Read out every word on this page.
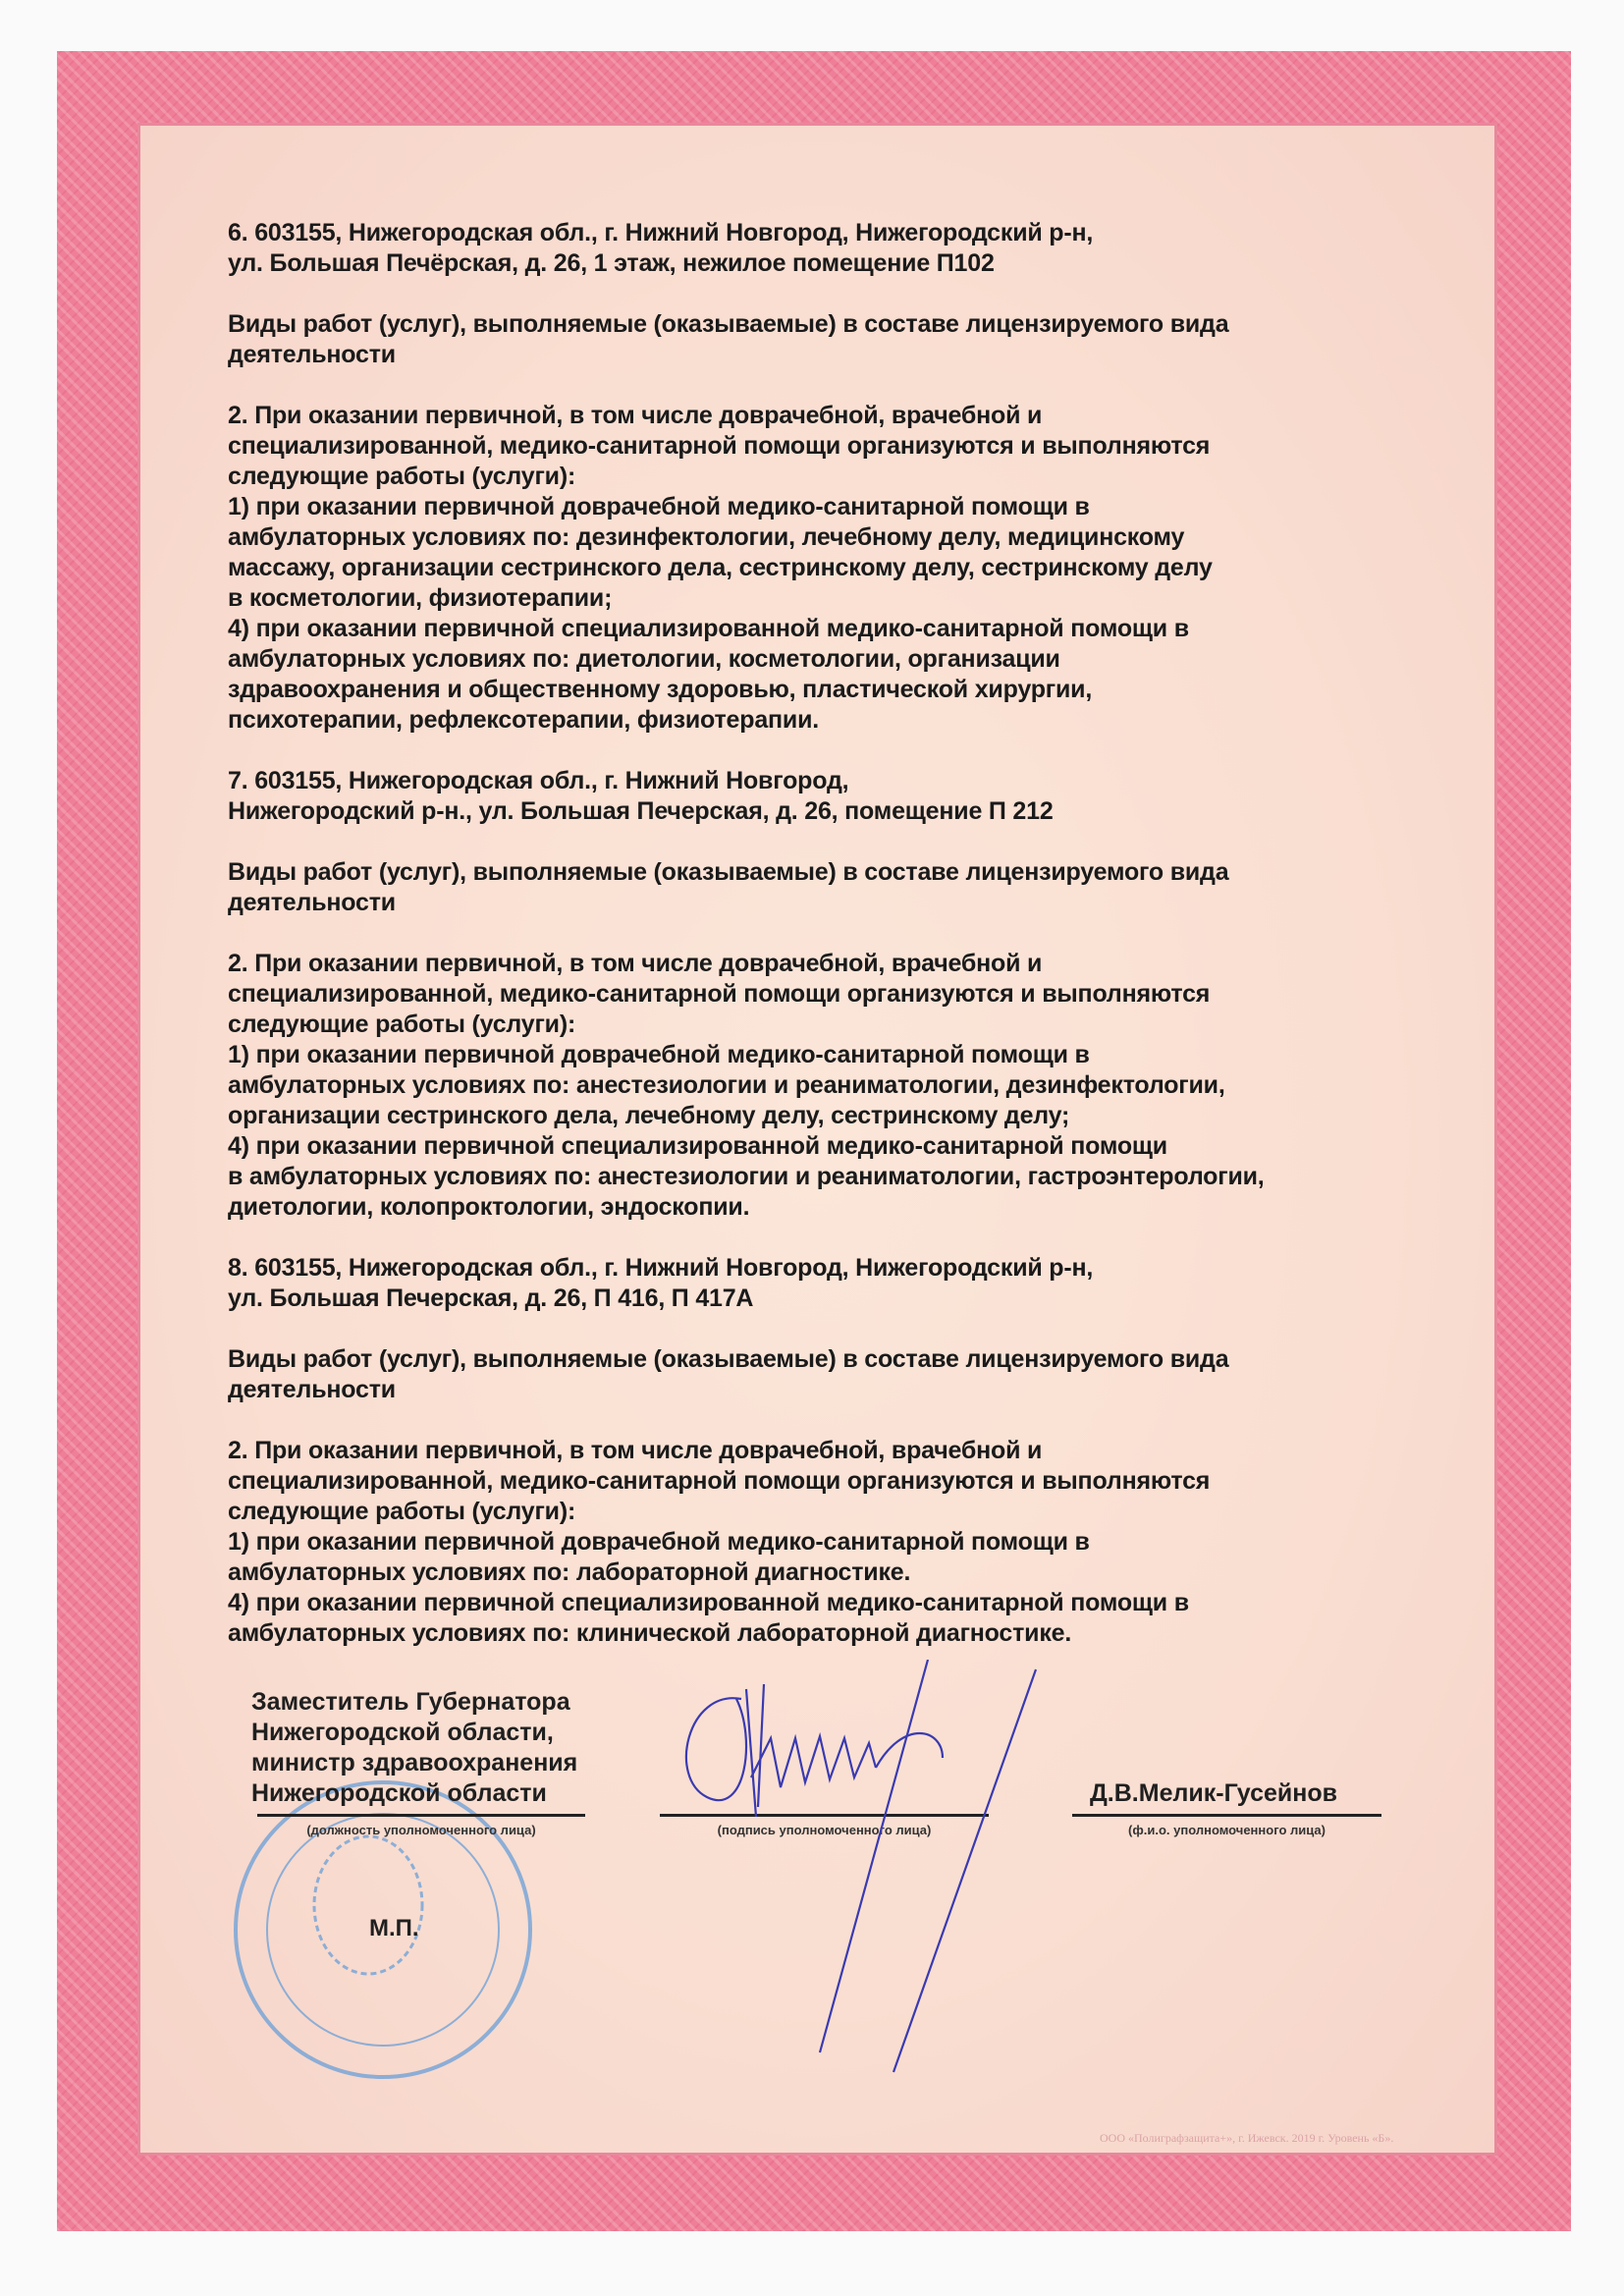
6. 603155, Нижегородская обл., г. Нижний Новгород, Нижегородский р-н,
ул. Большая Печёрская, д. 26, 1 этаж, нежилое помещение П102
Виды работ (услуг), выполняемые (оказываемые) в составе лицензируемого вида
деятельности
2. При оказании первичной, в том числе доврачебной, врачебной и
специализированной, медико-санитарной помощи организуются и выполняются
следующие работы (услуги):
1) при оказании первичной доврачебной медико-санитарной помощи в
амбулаторных условиях по: дезинфектологии, лечебному делу, медицинскому
массажу, организации сестринского дела, сестринскому делу, сестринскому делу
в косметологии, физиотерапии;
4) при оказании первичной специализированной медико-санитарной помощи в
амбулаторных условиях по: диетологии, косметологии, организации
здравоохранения и общественному здоровью, пластической хирургии,
психотерапии, рефлексотерапии, физиотерапии.
7. 603155, Нижегородская обл., г. Нижний Новгород,
Нижегородский р-н., ул. Большая Печерская, д. 26, помещение П 212
Виды работ (услуг), выполняемые (оказываемые) в составе лицензируемого вида
деятельности
2. При оказании первичной, в том числе доврачебной, врачебной и
специализированной, медико-санитарной помощи организуются и выполняются
следующие работы (услуги):
1) при оказании первичной доврачебной медико-санитарной помощи в
амбулаторных условиях по: анестезиологии и реаниматологии, дезинфектологии,
организации сестринского дела, лечебному делу, сестринскому делу;
4) при оказании первичной специализированной медико-санитарной помощи
в амбулаторных условиях по: анестезиологии и реаниматологии, гастроэнтерологии,
диетологии, колопроктологии, эндоскопии.
8. 603155, Нижегородская обл., г. Нижний Новгород, Нижегородский р-н,
ул. Большая Печерская, д. 26, П 416, П 417А
Виды работ (услуг), выполняемые (оказываемые) в составе лицензируемого вида
деятельности
2. При оказании первичной, в том числе доврачебной, врачебной и
специализированной, медико-санитарной помощи организуются и выполняются
следующие работы (услуги):
1) при оказании первичной доврачебной медико-санитарной помощи в
амбулаторных условиях по: лабораторной диагностике.
4) при оказании первичной специализированной медико-санитарной помощи в
амбулаторных условиях по: клинической лабораторной диагностике.
Заместитель Губернатора
Нижегородской области,
министр здравоохранения
Нижегородской области
(должность уполномоченного лица)	(подпись уполномоченного лица)
Д.В.Мелик-Гусейнов
(ф.и.о. уполномоченного лица)
М.П.
ООО «Полиграфзащита+», г. Ижевск. 2019 г. Уровень «Б».
